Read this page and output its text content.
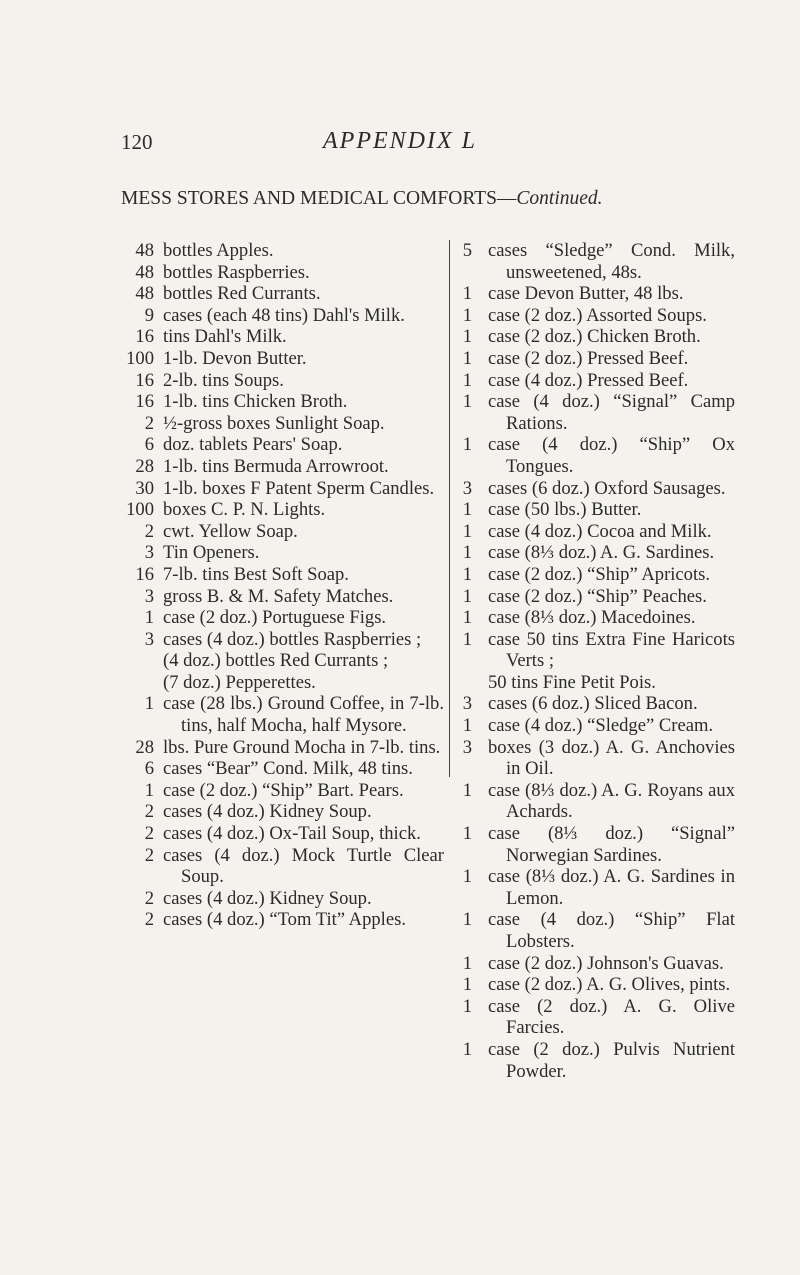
120	APPENDIX L
MESS STORES AND MEDICAL COMFORTS—Continued.
48 bottles Apples.
48 bottles Raspberries.
48 bottles Red Currants.
9 cases (each 48 tins) Dahl's Milk.
16 tins Dahl's Milk.
100 1-lb. Devon Butter.
16 2-lb. tins Soups.
16 1-lb. tins Chicken Broth.
2 ½-gross boxes Sunlight Soap.
6 doz. tablets Pears' Soap.
28 1-lb. tins Bermuda Arrowroot.
30 1-lb. boxes F Patent Sperm Candles.
100 boxes C. P. N. Lights.
2 cwt. Yellow Soap.
3 Tin Openers.
16 7-lb. tins Best Soft Soap.
3 gross B. & M. Safety Matches.
1 case (2 doz.) Portuguese Figs.
3 cases (4 doz.) bottles Raspberries ;
(4 doz.) bottles Red Currants ;
(7 doz.) Pepperettes.
1 case (28 lbs.) Ground Coffee, in 7-lb. tins, half Mocha, half Mysore.
28 lbs. Pure Ground Mocha in 7-lb. tins.
6 cases “Bear” Cond. Milk, 48 tins.
1 case (2 doz.) “Ship” Bart. Pears.
2 cases (4 doz.) Kidney Soup.
2 cases (4 doz.) Ox-Tail Soup, thick.
2 cases (4 doz.) Mock Turtle Clear Soup.
2 cases (4 doz.) Kidney Soup.
2 cases (4 doz.) “Tom Tit” Apples.
5 cases “Sledge” Cond. Milk, unsweetened, 48s.
1 case Devon Butter, 48 lbs.
1 case (2 doz.) Assorted Soups.
1 case (2 doz.) Chicken Broth.
1 case (2 doz.) Pressed Beef.
1 case (4 doz.) Pressed Beef.
1 case (4 doz.) “Signal” Camp Rations.
1 case (4 doz.) “Ship” Ox Tongues.
3 cases (6 doz.) Oxford Sausages.
1 case (50 lbs.) Butter.
1 case (4 doz.) Cocoa and Milk.
1 case (8⅓ doz.) A. G. Sardines.
1 case (2 doz.) “Ship” Apricots.
1 case (2 doz.) “Ship” Peaches.
1 case (8⅓ doz.) Macedoines.
1 case 50 tins Extra Fine Haricots Verts ;
50 tins Fine Petit Pois.
3 cases (6 doz.) Sliced Bacon.
1 case (4 doz.) “Sledge” Cream.
3 boxes (3 doz.) A. G. Anchovies in Oil.
1 case (8⅓ doz.) A. G. Royans aux Achards.
1 case (8⅓ doz.) “Signal” Norwegian Sardines.
1 case (8⅓ doz.) A. G. Sardines in Lemon.
1 case (4 doz.) “Ship” Flat Lobsters.
1 case (2 doz.) Johnson's Guavas.
1 case (2 doz.) A. G. Olives, pints.
1 case (2 doz.) A. G. Olive Farcies.
1 case (2 doz.) Pulvis Nutrient Powder.
